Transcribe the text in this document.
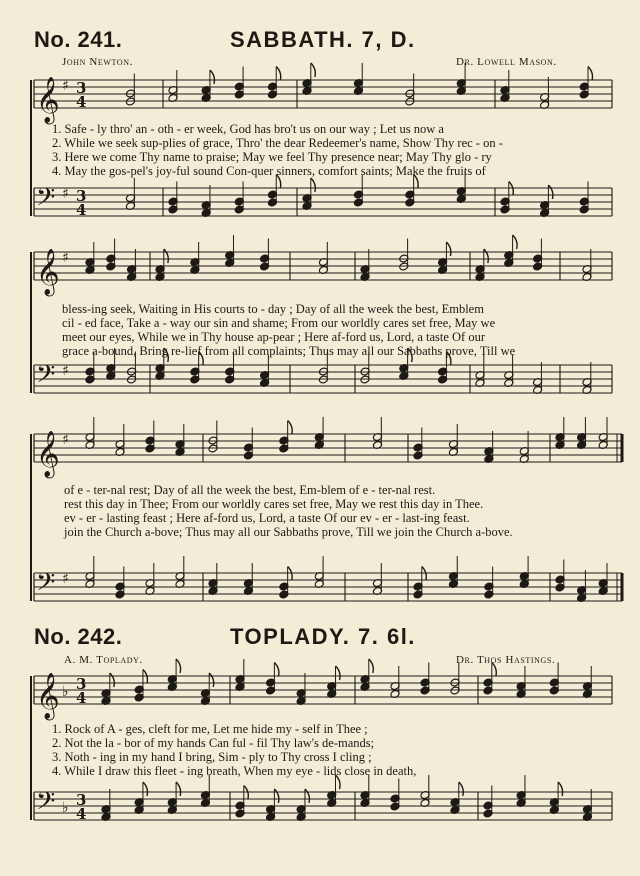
No. 241.	SABBATH. 7, D.
John Newton.	Dr. Lowell Mason.
1. Safe - ly thro' an - oth - er week, God has bro't us on our way ; Let us now a
2. While we seek sup-plies of grace, Thro' the dear Redeemer's name, Show Thy rec - on -
3. Here we come Thy name to praise; May we feel Thy presence near; May Thy glo - ry
4. May the gos-pel's joy-ful sound Con-quer sinners, comfort saints; Make the fruits of
bless-ing seek, Waiting in His courts to - day ; Day of all the week the best, Emblem
cil - ed face, Take a - way our sin and shame; From our worldly cares set free, May we
meet our eyes, While we in Thy house ap-pear ; Here af-ford us, Lord, a taste Of our
grace a-bound, Bring re-lief from all complaints; Thus may all our Sabbaths prove, Till we
of e - ter-nal rest; Day of all the week the best, Em-blem of e - ter-nal rest.
rest this day in Thee; From our worldly cares set free, May we rest this day in Thee.
ev - er - lasting feast ; Here af-ford us, Lord, a taste Of our ev - er - last-ing feast.
join the Church a-bove; Thus may all our Sabbaths prove, Till we join the Church a-bove.
No. 242.	TOPLADY. 7. 6l.
A. M. Toplady.	Dr. Thos Hastings.
1. Rock of A - ges, cleft for me, Let me hide my - self in Thee ;
2. Not the la - bor of my hands Can ful - fil Thy law's de-mands;
3. Noth - ing in my hand I bring, Sim - ply to Thy cross I cling ;
4. While I draw this fleet - ing breath, When my eye - lids close in death,
𝄞 ♯ 3
4
𝄢 ♯ 3
4
𝄞 ♯
𝄢 ♯
𝄞 ♯
𝄢 ♯
𝄞 ♭ 3
4
𝄢 ♭ 3
4
